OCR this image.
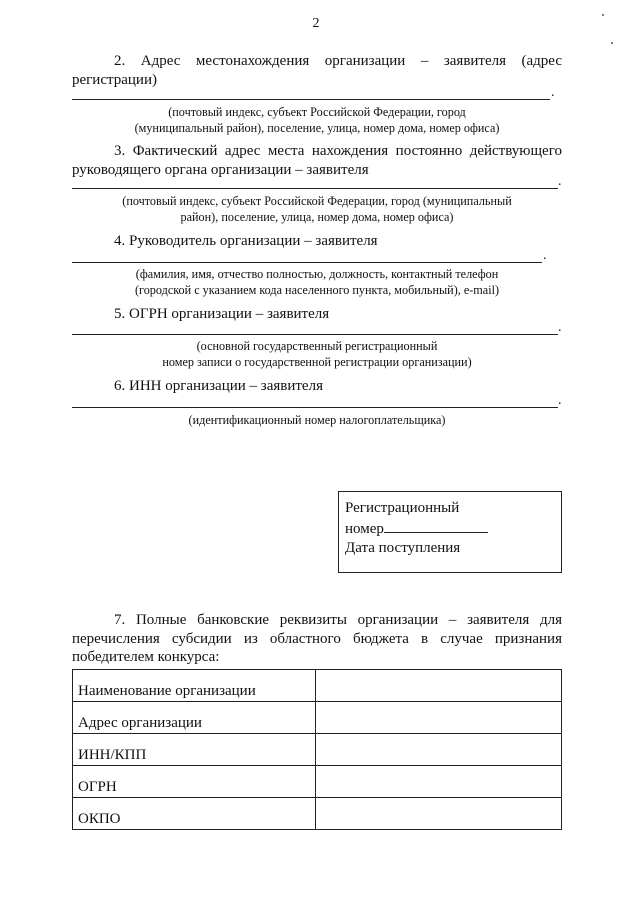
2
2. Адрес местонахождения организации – заявителя (адрес
регистрации)
.
(почтовый индекс, субъект Российской Федерации, город
(муниципальный район), поселение, улица, номер дома, номер офиса)
3. Фактический адрес места нахождения постоянно действующего
руководящего органа организации – заявителя
.
(почтовый индекс, субъект Российской Федерации, город (муниципальный
район), поселение, улица, номер дома, номер офиса)
4. Руководитель организации – заявителя
.
(фамилия, имя, отчество полностью, должность, контактный телефон
(городской с указанием кода населенного пункта, мобильный), e-mail)
5. ОГРН организации – заявителя
.
(основной государственный регистрационный
номер записи о государственной регистрации организации)
6. ИНН организации – заявителя
.
(идентификационный номер налогоплательщика)
Регистрационный
номер
Дата поступления
7. Полные банковские реквизиты организации – заявителя для
перечисления субсидии из областного бюджета в случае признания
победителем конкурса:
Наименование организации	
Адрес организации	
ИНН/КПП	
ОГРН	
ОКПО	
